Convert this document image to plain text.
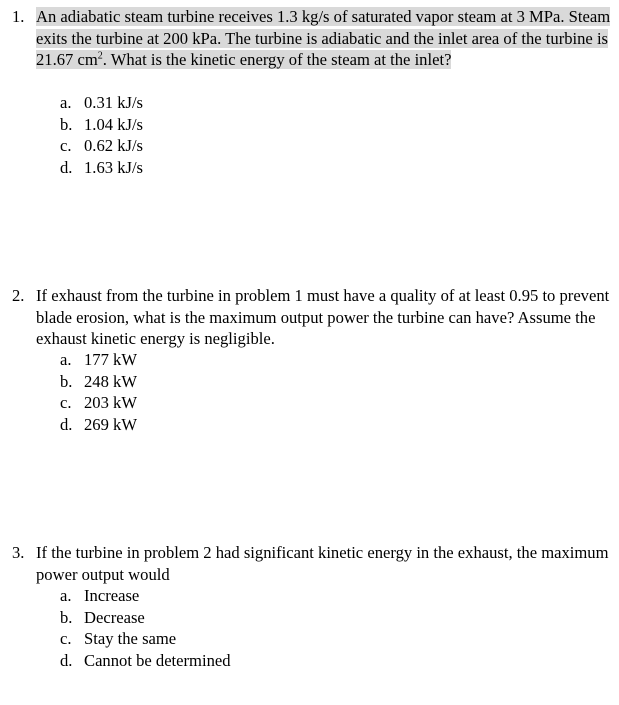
1. An adiabatic steam turbine receives 1.3 kg/s of saturated vapor steam at 3 MPa. Steam exits the turbine at 200 kPa. The turbine is adiabatic and the inlet area of the turbine is 21.67 $cm^2$. What is the kinetic energy of the steam at the inlet?
a. 0.31 kJ/s
b. 1.04 kJ/s
c. 0.62 kJ/s
d. 1.63 kJ/s
2. If exhaust from the turbine in problem 1 must have a quality of at least 0.95 to prevent blade erosion, what is the maximum output power the turbine can have? Assume the exhaust kinetic energy is negligible.
a. 177 kW
b. 248 kW
c. 203 kW
d. 269 kW
3. If the turbine in problem 2 had significant kinetic energy in the exhaust, the maximum power output would
a. Increase
b. Decrease
c. Stay the same
d. Cannot be determined
